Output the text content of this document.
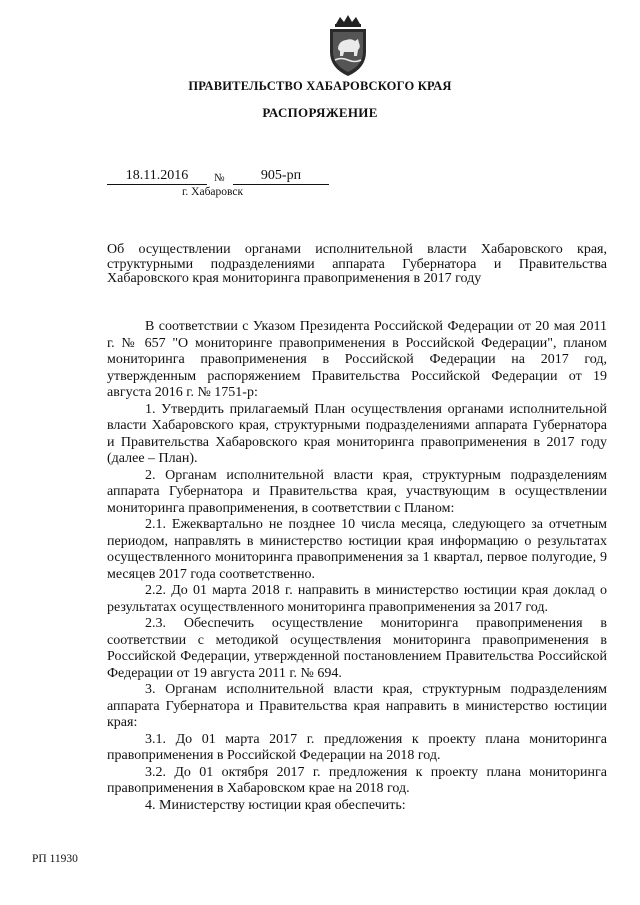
ПРАВИТЕЛЬСТВО ХАБАРОВСКОГО КРАЯ
РАСПОРЯЖЕНИЕ
18.11.2016	№	905-рп
г. Хабаровск
Об осуществлении органами исполнительной власти Хабаровского края, структурными подразделениями аппарата Губернатора и Правительства Хабаровского края мониторинга правоприменения в 2017 году

В соответствии с Указом Президента Российской Федерации от 20 мая 2011 г. № 657 "О мониторинге правоприменения в Российской Федерации", планом мониторинга правоприменения в Российской Федерации на 2017 год, утвержденным распоряжением Правительства Российской Федерации от 19 августа 2016 г. № 1751-р:

1. Утвердить прилагаемый План осуществления органами исполнительной власти Хабаровского края, структурными подразделениями аппарата Губернатора и Правительства Хабаровского края мониторинга правоприменения в 2017 году (далее – План).

2. Органам исполнительной власти края, структурным подразделениям аппарата Губернатора и Правительства края, участвующим в осуществлении мониторинга правоприменения, в соответствии с Планом:

2.1. Ежеквартально не позднее 10 числа месяца, следующего за отчетным периодом, направлять в министерство юстиции края информацию о результатах осуществленного мониторинга правоприменения за 1 квартал, первое полугодие, 9 месяцев 2017 года соответственно.

2.2. До 01 марта 2018 г. направить в министерство юстиции края доклад о результатах осуществленного мониторинга правоприменения за 2017 год.

2.3. Обеспечить осуществление мониторинга правоприменения в соответствии с методикой осуществления мониторинга правоприменения в Российской Федерации, утвержденной постановлением Правительства Российской Федерации от 19 августа 2011 г. № 694.

3. Органам исполнительной власти края, структурным подразделениям аппарата Губернатора и Правительства края направить в министерство юстиции края:

3.1. До 01 марта 2017 г. предложения к проекту плана мониторинга правоприменения в Российской Федерации на 2018 год.

3.2. До 01 октября 2017 г. предложения к проекту плана мониторинга правоприменения в Хабаровском крае на 2018 год.

4. Министерству юстиции края обеспечить:

РП 11930
